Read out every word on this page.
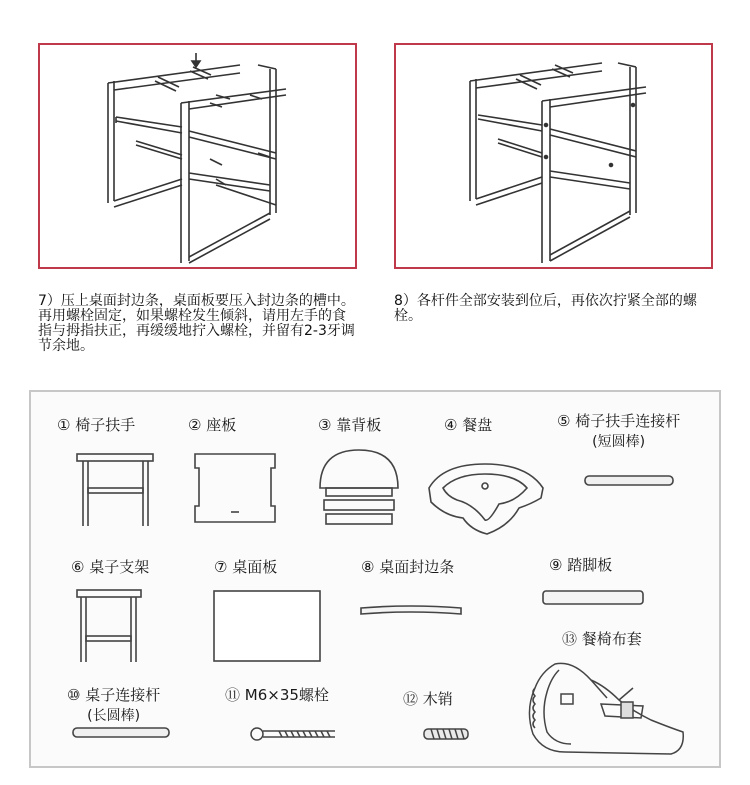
7）压上桌面封边条，桌面板要压入封边条的槽中。再用螺栓固定，如果螺栓发生倾斜，请用左手的食指与拇指扶正，再缓缓地拧入螺栓，并留有2-3牙调节余地。
8）各杆件全部安装到位后，再依次拧紧全部的螺栓。
① 椅子扶手	② 座板	③ 靠背板	④ 餐盘	⑤ 椅子扶手连接杆
(短圆棒)
⑥ 桌子支架	⑦ 桌面板	⑧ 桌面封边条	⑨ 踏脚板
⑬ 餐椅布套
⑩ 桌子连接杆
(长圆棒)
⑪ M6×35螺栓	⑫ 木销
